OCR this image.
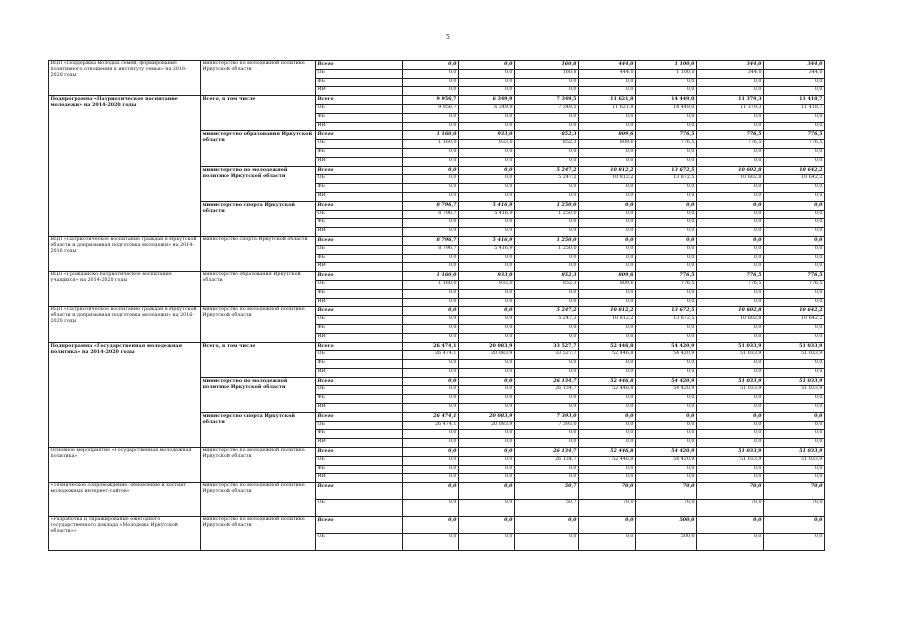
5
ВЦП «Поддержка молодых семей, формирование позитивного отношения к институту семьи» на 2016-2020 годы	министерство по молодежной политике Иркутской области	Всего	0,0	0,0	160,8	444,0	1 100,0	344,0	344,0
		ОБ	0,0	0,0	160,8	444,0	1 100,0	344,0	344,0
		ФБ	0,0	0,0	0,0	0,0	0,0	0,0	0,0
		ИИ	0,0	0,0	0,0	0,0	0,0	0,0	0,0
Подпрограмма «Патриотическое воспитание молодежи» на 2014-2020 годы	Всего, в том числе	Всего	9 956,7	6 349,9	7 349,5	11 621,8	14 449,0	11 379,3	11 418,7
		ОБ	9 956,7	6 349,9	7 349,5	11 621,8	14 449,0	11 379,3	11 418,7
		ФБ	0,0	0,0	0,0	0,0	0,0	0,0	0,0
		ИИ	0,0	0,0	0,0	0,0	0,0	0,0	0,0
	министерство образования Иркутской области	Всего	1 160,0	933,0	852,3	809,6	776,5	776,5	776,5
		ОБ	1 160,0	933,0	852,3	809,6	776,5	776,5	776,5
		ФБ	0,0	0,0	0,0	0,0	0,0	0,0	0,0
		ИИ	0,0	0,0	0,0	0,0	0,0	0,0	0,0
	министерство по молодежной политике Иркутской области	Всего	0,0	0,0	5 247,2	10 812,2	13 672,5	10 602,8	10 642,2
		ОБ	0,0	0,0	5 247,2	10 812,2	13 672,5	10 602,8	10 642,2
		ФБ	0,0	0,0	0,0	0,0	0,0	0,0	0,0
		ИИ	0,0	0,0	0,0	0,0	0,0	0,0	0,0
	министерство спорта Иркутской области	Всего	8 796,7	5 416,9	1 250,0	0,0	0,0	0,0	0,0
		ОБ	8 796,7	5 416,9	1 250,0	0,0	0,0	0,0	0,0
		ФБ	0,0	0,0	0,0	0,0	0,0	0,0	0,0
		ИИ	0,0	0,0	0,0	0,0	0,0	0,0	0,0
ВЦП «Патриотическое воспитание граждан в Иркутской области и допризывная подготовка молодежи» на 2014-2016 годы	министерство спорта Иркутской области	Всего	8 796,7	5 416,9	1 250,0	0,0	0,0	0,0	0,0
		ОБ	8 796,7	5 416,9	1 250,0	0,0	0,0	0,0	0,0
		ФБ	0,0	0,0	0,0	0,0	0,0	0,0	0,0
		ИИ	0,0	0,0	0,0	0,0	0,0	0,0	0,0
ВЦП «Гражданско-патриотическое воспитание учащихся» на 2014-2020 годы	министерство образования Иркутской области	Всего	1 160,0	933,0	852,3	809,6	776,5	776,5	776,5
		ОБ	1 160,0	933,0	852,3	809,6	776,5	776,5	776,5
		ФБ	0,0	0,0	0,0	0,0	0,0	0,0	0,0
		ИИ	0,0	0,0	0,0	0,0	0,0	0,0	0,0
ВЦП «Патриотическое воспитание граждан в Иркутской области и допризывная подготовка молодежи» на 2016-2020 годы	министерство по молодежной политике Иркутской области	Всего	0,0	0,0	5 247,2	10 812,2	13 672,5	10 602,8	10 642,2
		ОБ	0,0	0,0	5 247,2	10 812,2	13 672,5	10 602,8	10 642,2
		ФБ	0,0	0,0	0,0	0,0	0,0	0,0	0,0
		ИИ	0,0	0,0	0,0	0,0	0,0	0,0	0,0
Подпрограмма «Государственная молодежная политика» на 2014-2020 годы	Всего, в том числе	Всего	26 474,1	20 083,9	33 527,7	52 446,8	54 420,9	51 033,9	51 033,9
		ОБ	26 474,1	20 083,9	33 527,7	52 446,8	54 420,9	51 033,9	51 033,9
		ФБ	0,0	0,0	0,0	0,0	0,0	0,0	0,0
		ИИ	0,0	0,0	0,0	0,0	0,0	0,0	0,0
	министерство по молодежной политике Иркутской области	Всего	0,0	0,0	26 134,7	52 446,8	54 420,9	51 033,9	51 033,9
		ОБ	0,0	0,0	26 134,7	52 446,8	54 420,9	51 033,9	51 033,9
		ФБ	0,0	0,0	0,0	0,0	0,0	0,0	0,0
		ИИ	0,0	0,0	0,0	0,0	0,0	0,0	0,0
	министерство спорта Иркутской области	Всего	26 474,1	20 083,9	7 393,0	0,0	0,0	0,0	0,0
		ОБ	26 474,1	20 083,9	7 393,0	0,0	0,0	0,0	0,0
		ФБ	0,0	0,0	0,0	0,0	0,0	0,0	0,0
		ИИ	0,0	0,0	0,0	0,0	0,0	0,0	0,0
Основное мероприятие «Государственная молодежная политика»	министерство по молодежной политике Иркутской области	Всего	0,0	0,0	26 134,7	52 446,8	54 420,9	51 033,9	51 033,9
		ОБ	0,0	0,0	26 134,7	52 446,8	54 420,9	51 033,9	51 033,9
		ФБ	0,0	0,0	0,0	0,0	0,0	0,0	0,0
		ИИ	0,0	0,0	0,0	0,0	0,0	0,0	0,0
«Техническое сопровождение, обновление и хостинг молодежных интернет-сайтов»	министерство по молодежной политике Иркутской области	Всего	0,0	0,0	50,7	70,0	70,0	70,0	70,0
		ОБ	0,0	0,0	50,7	70,0	70,0	70,0	70,0
«Разработка и тиражирование ежегодного государственного доклада «Молодежь Иркутской области»»	министерство по молодежной политике Иркутской области	Всего	0,0	0,0	0,0	0,0	500,0	0,0	0,0
		ОБ	0,0	0,0	0,0	0,0	500,0	0,0	0,0
